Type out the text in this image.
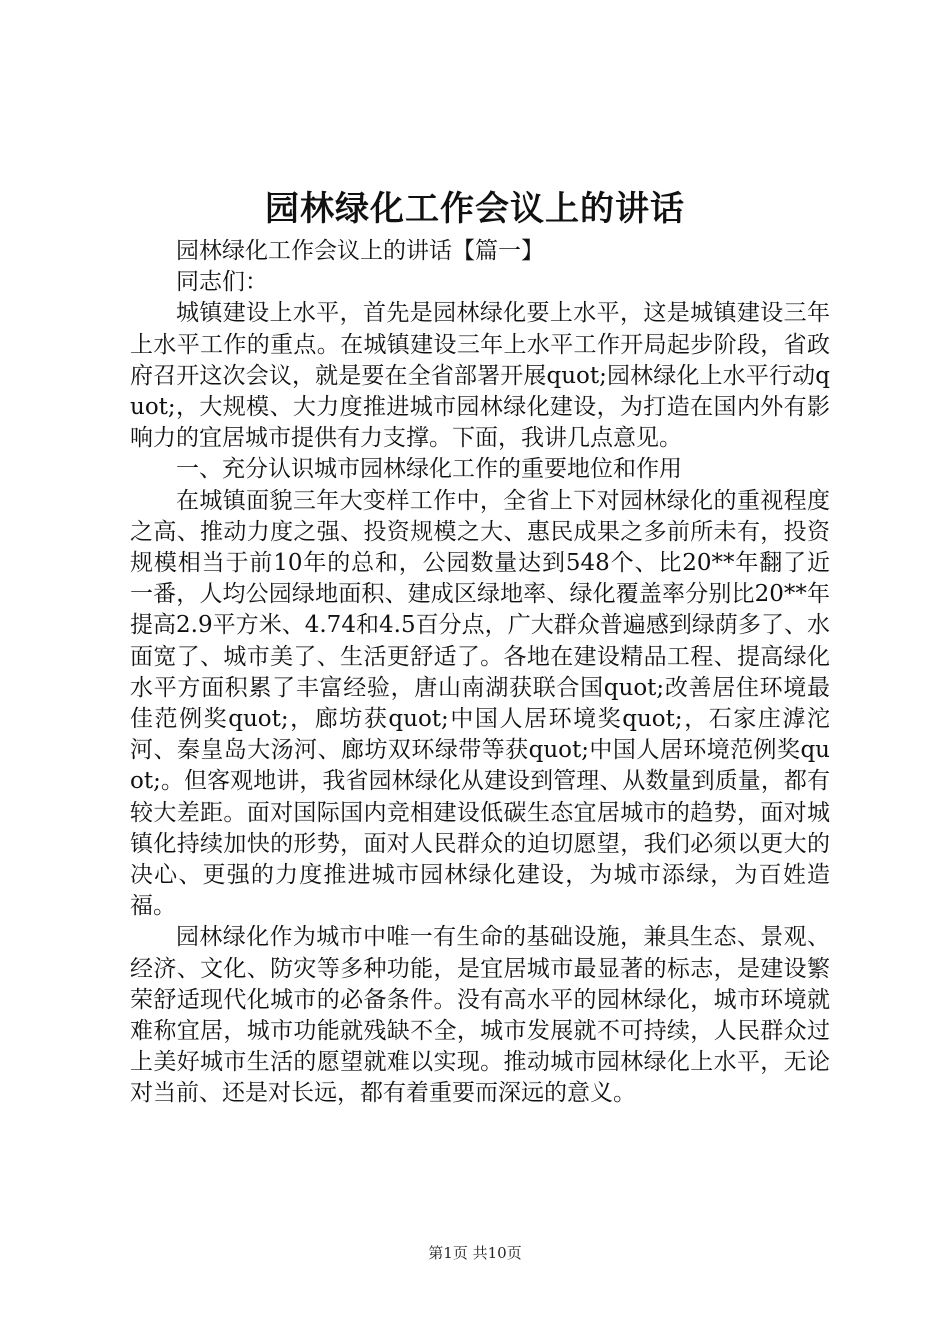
园林绿化工作会议上的讲话

园林绿化工作会议上的讲话【篇一】

同志们：

城镇建设上水平，首先是园林绿化要上水平，这是城镇建设三年上水平工作的重点。在城镇建设三年上水平工作开局起步阶段，省政府召开这次会议，就是要在全省部署开展quot;园林绿化上水平行动quot;，大规模、大力度推进城市园林绿化建设，为打造在国内外有影响力的宜居城市提供有力支撑。下面，我讲几点意见。

一、充分认识城市园林绿化工作的重要地位和作用

在城镇面貌三年大变样工作中，全省上下对园林绿化的重视程度之高、推动力度之强、投资规模之大、惠民成果之多前所未有，投资规模相当于前10年的总和，公园数量达到548个、比20**年翻了近一番，人均公园绿地面积、建成区绿地率、绿化覆盖率分别比20**年提高2.9平方米、4.74和4.5百分点，广大群众普遍感到绿荫多了、水面宽了、城市美了、生活更舒适了。各地在建设精品工程、提高绿化水平方面积累了丰富经验，唐山南湖获联合国quot;改善居住环境最佳范例奖quot;，廊坊获quot;中国人居环境奖quot;，石家庄滹沱河、秦皇岛大汤河、廊坊双环绿带等获quot;中国人居环境范例奖quot;。但客观地讲，我省园林绿化从建设到管理、从数量到质量，都有较大差距。面对国际国内竞相建设低碳生态宜居城市的趋势，面对城镇化持续加快的形势，面对人民群众的迫切愿望，我们必须以更大的决心、更强的力度推进城市园林绿化建设，为城市添绿，为百姓造福。

园林绿化作为城市中唯一有生命的基础设施，兼具生态、景观、经济、文化、防灾等多种功能，是宜居城市最显著的标志，是建设繁荣舒适现代化城市的必备条件。没有高水平的园林绿化，城市环境就难称宜居，城市功能就残缺不全，城市发展就不可持续，人民群众过上美好城市生活的愿望就难以实现。推动城市园林绿化上水平，无论对当前、还是对长远，都有着重要而深远的意义。

第1页 共10页
